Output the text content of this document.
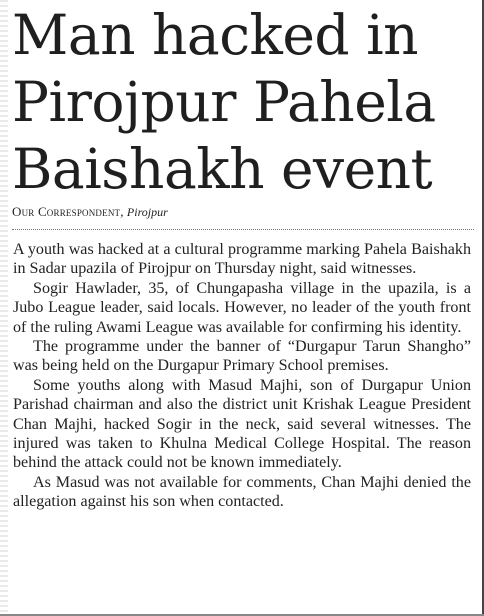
Man hacked in
Pirojpur Pahela
Baishakh event
Our Correspondent, Pirojpur

A youth was hacked at a cultural programme marking Pahela Baishakh in Sadar upazila of Pirojpur on Thursday night, said witnesses.

Sogir Hawlader, 35, of Chungapasha village in the upazila, is a Jubo League leader, said locals. However, no leader of the youth front of the ruling Awami League was available for confirming his identity.

The programme under the banner of “Durgapur Tarun Shangho” was being held on the Durgapur Primary School premises.

Some youths along with Masud Majhi, son of Durgapur Union Parishad chairman and also the district unit Krishak League President Chan Majhi, hacked Sogir in the neck, said several witnesses. The injured was taken to Khulna Medical College Hospital. The reason behind the attack could not be known immediately.

As Masud was not available for comments, Chan Majhi denied the allegation against his son when contacted.
